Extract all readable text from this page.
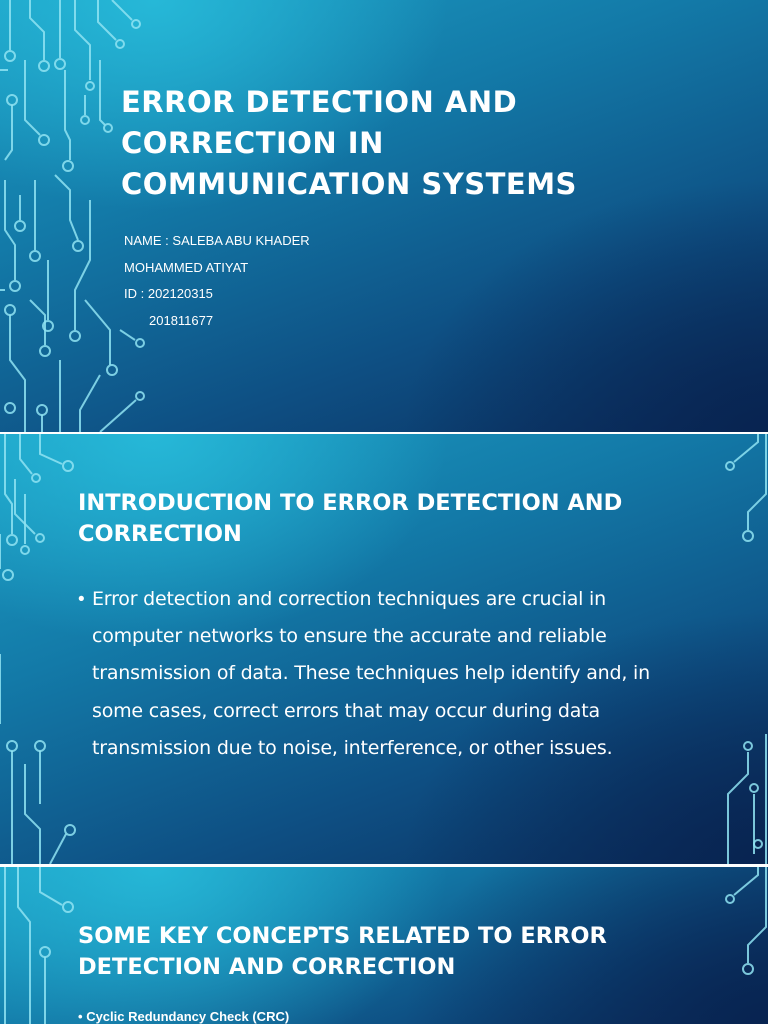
ERROR DETECTION AND CORRECTION IN COMMUNICATION SYSTEMS
NAME : SALEBA ABU KHADER
MOHAMMED ATIYAT
ID : 202120315
201811677
INTRODUCTION TO ERROR DETECTION AND CORRECTION
• Error detection and correction techniques are crucial in computer networks to ensure the accurate and reliable transmission of data. These techniques help identify and, in some cases, correct errors that may occur during data transmission due to noise, interference, or other issues.
SOME KEY CONCEPTS RELATED TO ERROR DETECTION AND CORRECTION
• Cyclic Redundancy Check (CRC)
